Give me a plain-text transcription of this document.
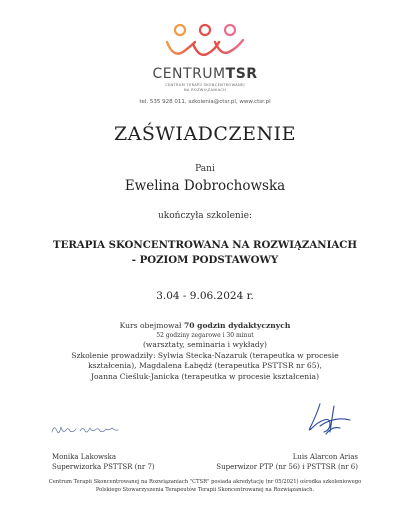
CENTRUMTSR
CENTRUM TERAPII SKONCENTROWANEJ
NA ROZWIĄZANIACH
tel. 535 928 011, szkolenia@ctsr.pl, www.ctsr.pl
ZAŚWIADCZENIE
Pani
Ewelina Dobrochowska
ukończyła szkolenie:
TERAPIA SKONCENTROWANA NA ROZWIĄZANIACH
- POZIOM PODSTAWOWY
3.04 - 9.06.2024 r.
Kurs obejmował 70 godzin dydaktycznych
52 godziny zegarowe i 30 minut
(warsztaty, seminaria i wykłady)
Szkolenie prowadziły: Sylwia Stecka-Nazaruk (terapeutka w procesie
kształcenia), Magdalena Łabędź (terapeutka PSTTSR nr 65),
Joanna Cieśluk-Janicka (terapeutka w procesie kształcenia)
Monika Lakowska
Superwizorka PSTTSR (nr 7)
Luis Alarcon Arias
Superwizor PTP (nr 56) i PSTTSR (nr 6)
Centrum Terapii Skoncentrowanej na Rozwiązaniach "CTSR" posiada akredytację (nr 05/2021) ośrodka szkoleniowego
Polskiego Stowarzyszenia Terapeutów Terapii Skoncentrowanej na Rozwiązaniach.
